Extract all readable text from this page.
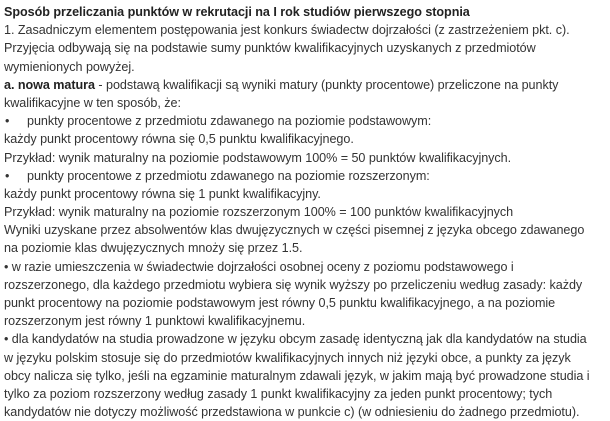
Sposób przeliczania punktów w rekrutacji na I rok studiów pierwszego stopnia
1. Zasadniczym elementem postępowania jest konkurs świadectw dojrzałości (z zastrzeżeniem pkt. c).
Przyjęcia odbywają się na podstawie sumy punktów kwalifikacyjnych uzyskanych z przedmiotów
wymienionych powyżej.
a. nowa matura - podstawą kwalifikacji są wyniki matury (punkty procentowe) przeliczone na punkty
kwalifikacyjne w ten sposób, że:
• punkty procentowe z przedmiotu zdawanego na poziomie podstawowym:
każdy punkt procentowy równa się 0,5 punktu kwalifikacyjnego.
Przykład: wynik maturalny na poziomie podstawowym 100% = 50 punktów kwalifikacyjnych.
• punkty procentowe z przedmiotu zdawanego na poziomie rozszerzonym:
każdy punkt procentowy równa się 1 punkt kwalifikacyjny.
Przykład: wynik maturalny na poziomie rozszerzonym 100% = 100 punktów kwalifikacyjnych
Wyniki uzyskane przez absolwentów klas dwujęzycznych w części pisemnej z języka obcego zdawanego
na poziomie klas dwujęzycznych mnoży się przez 1.5.
• w razie umieszczenia w świadectwie dojrzałości osobnej oceny z poziomu podstawowego i
rozszerzonego, dla każdego przedmiotu wybiera się wynik wyższy po przeliczeniu według zasady: każdy
punkt procentowy na poziomie podstawowym jest równy 0,5 punktu kwalifikacyjnego, a na poziomie
rozszerzonym jest równy 1 punktowi kwalifikacyjnemu.
• dla kandydatów na studia prowadzone w języku obcym zasadę identyczną jak dla kandydatów na studia
w języku polskim stosuje się do przedmiotów kwalifikacyjnych innych niż języki obce, a punkty za język
obcy nalicza się tylko, jeśli na egzaminie maturalnym zdawali język, w jakim mają być prowadzone studia i
tylko za poziom rozszerzony według zasady 1 punkt kwalifikacyjny za jeden punkt procentowy; tych
kandydatów nie dotyczy możliwość przedstawiona w punkcie c) (w odniesieniu do żadnego przedmiotu).
